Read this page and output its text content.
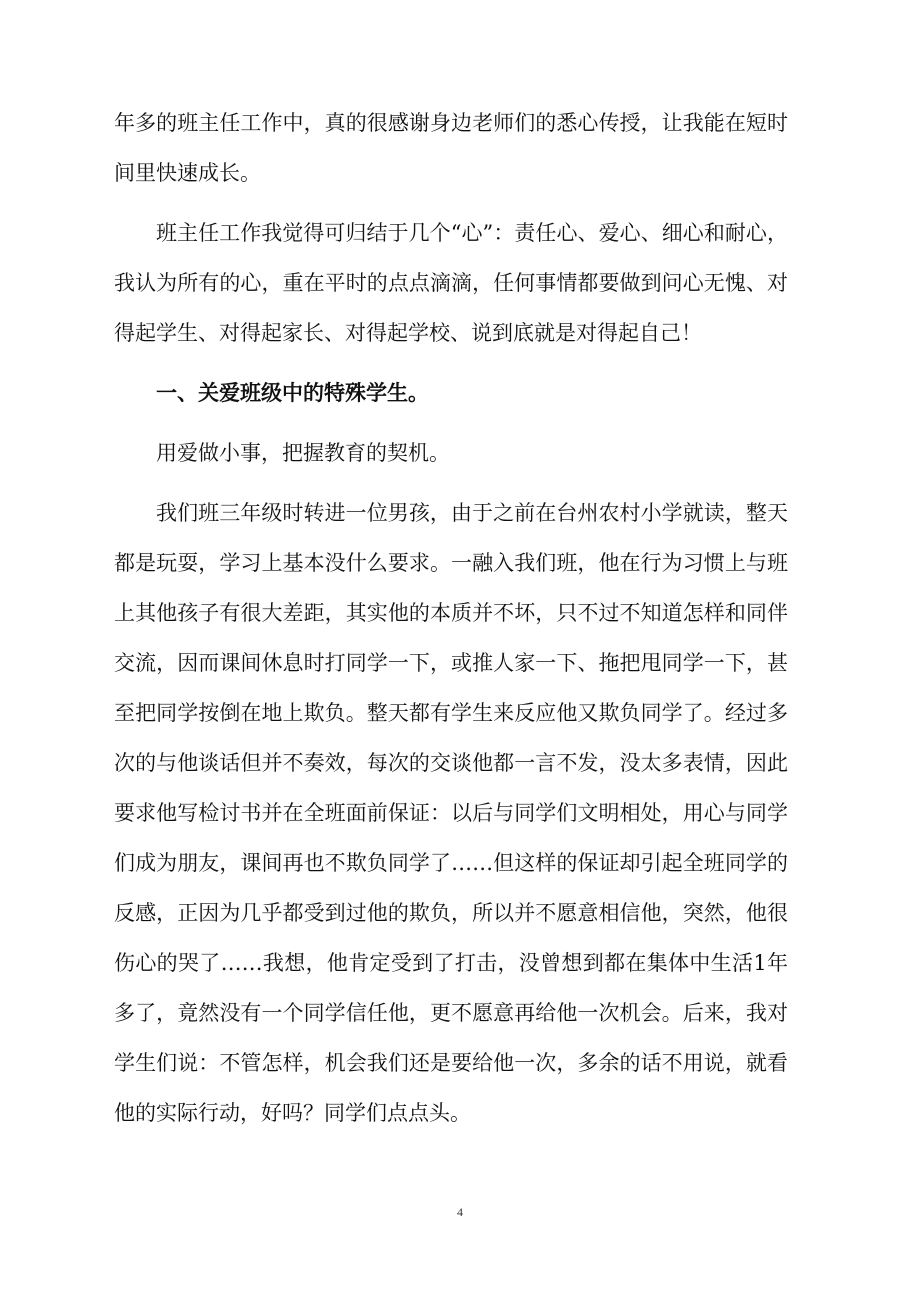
年多的班主任工作中，真的很感谢身边老师们的悉心传授，让我能在短时间里快速成长。

班主任工作我觉得可归结于几个“心”：责任心、爱心、细心和耐心，我认为所有的心，重在平时的点点滴滴，任何事情都要做到问心无愧、对得起学生、对得起家长、对得起学校、说到底就是对得起自己！

一、关爱班级中的特殊学生。

用爱做小事，把握教育的契机。

我们班三年级时转进一位男孩，由于之前在台州农村小学就读，整天都是玩耍，学习上基本没什么要求。一融入我们班，他在行为习惯上与班上其他孩子有很大差距，其实他的本质并不坏，只不过不知道怎样和同伴交流，因而课间休息时打同学一下，或推人家一下、拖把甩同学一下，甚至把同学按倒在地上欺负。整天都有学生来反应他又欺负同学了。经过多次的与他谈话但并不奏效，每次的交谈他都一言不发，没太多表情，因此要求他写检讨书并在全班面前保证：以后与同学们文明相处，用心与同学们成为朋友，课间再也不欺负同学了……但这样的保证却引起全班同学的反感，正因为几乎都受到过他的欺负，所以并不愿意相信他，突然，他很伤心的哭了……我想，他肯定受到了打击，没曾想到都在集体中生活1年多了，竟然没有一个同学信任他，更不愿意再给他一次机会。后来，我对学生们说：不管怎样，机会我们还是要给他一次，多余的话不用说，就看他的实际行动，好吗？同学们点点头。

4
